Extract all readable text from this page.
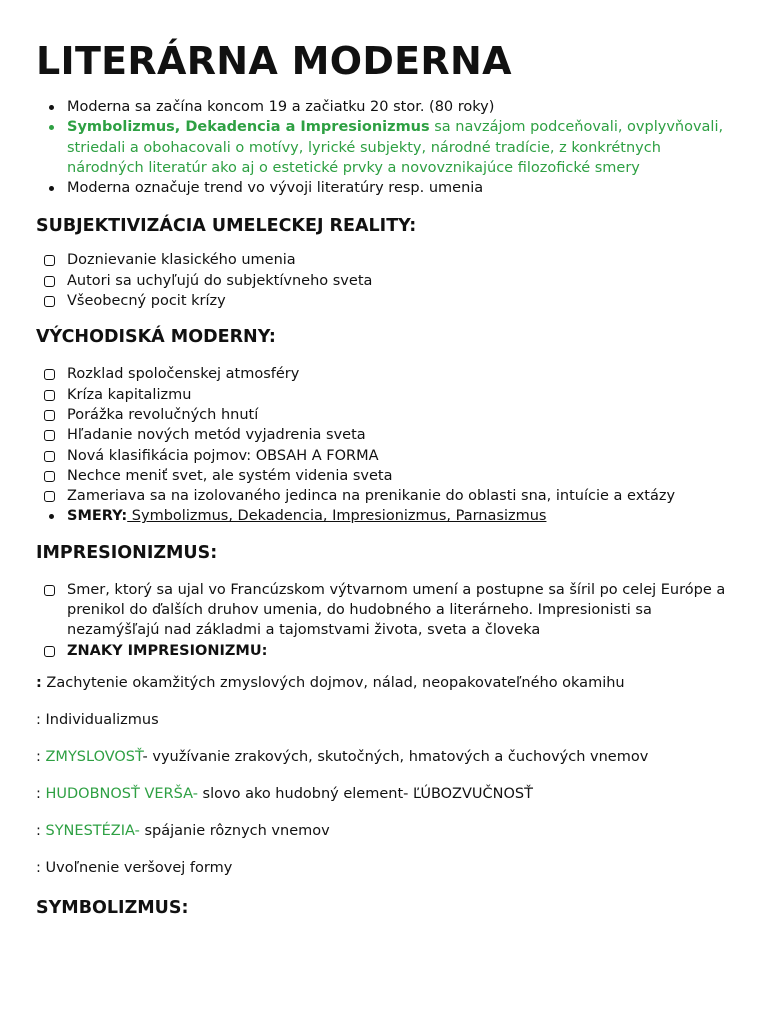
LITERÁRNA MODERNA
Moderna sa začína koncom 19 a začiatku 20 stor. (80 roky)
Symbolizmus, Dekadencia a Impresionizmus sa navzájom podceňovali, ovplyvňovali, striedali a obohacovali o motívy, lyrické subjekty, národné tradície, z konkrétnych národných literatúr ako aj o estetické prvky a novovznikajúce filozofické smery
Moderna označuje trend vo vývoji literatúry resp. umenia
SUBJEKTIVIZÁCIA UMELECKEJ REALITY:
Doznievanie klasického umenia
Autori sa uchyľujú do subjektívneho sveta
Všeobecný pocit krízy
VÝCHODISKÁ MODERNY:
Rozklad spoločenskej atmosféry
Kríza kapitalizmu
Porážka revolučných hnutí
Hľadanie nových metód vyjadrenia sveta
Nová klasifikácia pojmov: OBSAH A FORMA
Nechce meniť svet, ale systém videnia sveta
Zameriava sa na izolovaného jedinca na prenikanie do oblasti sna, intuície a extázy
SMERY: Symbolizmus, Dekadencia, Impresionizmus, Parnasizmus
IMPRESIONIZMUS:
Smer, ktorý sa ujal vo Francúzskom výtvarnom umení a postupne sa šíril po celej Európe a prenikol do ďalších druhov umenia, do hudobného a literárneho. Impresionisti sa nezamýšľajú nad základmi a tajomstvami života, sveta a človeka
ZNAKY IMPRESIONIZMU:

: Zachytenie okamžitých zmyslových dojmov, nálad, neopakovateľného okamihu

: Individualizmus

: ZMYSLOVOSŤ- využívanie zrakových, skutočných, hmatových a čuchových vnemov

: HUDOBNOSŤ VERŠA- slovo ako hudobný element- ĽÚBOZVUČNOSŤ

: SYNESTÉZIA- spájanie rôznych vnemov

: Uvoľnenie veršovej formy

SYMBOLIZMUS:
